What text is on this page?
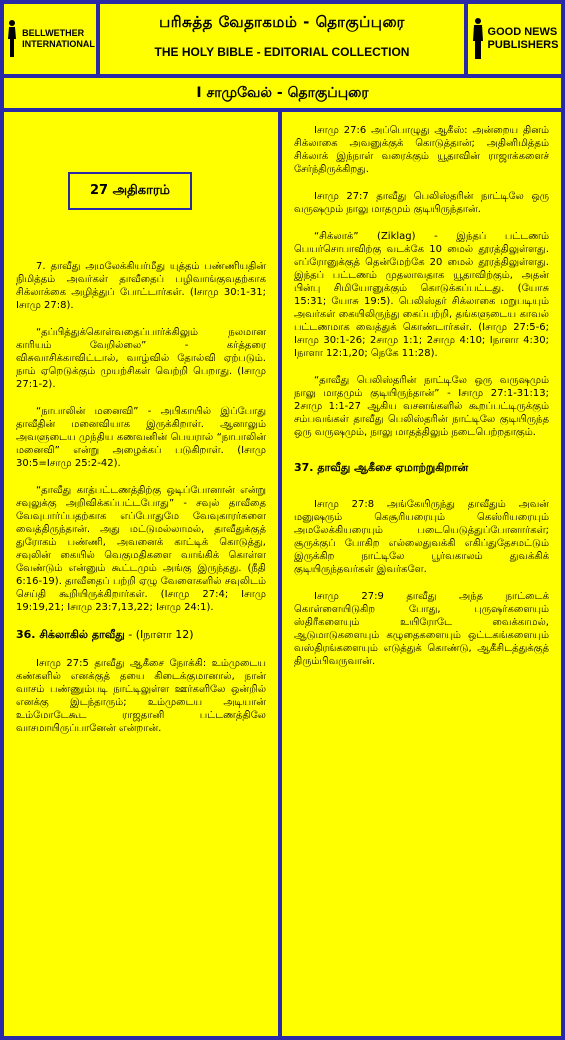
BELLWETHER
INTERNATIONAL
பரிசுத்த வேதாகமம் - தொகுப்புரை
THE HOLY BIBLE - EDITORIAL COLLECTION
GOOD NEWS
PUBLISHERS
I சாமுவேல் - தொகுப்புரை
27 அதிகாரம்

7. தாவீது அமலேக்கியர்மீது யுத்தம் பண்ணியதின் நிமித்தம் அவர்கள் தாவீதைப் பழிவாங்குவதற்காக சிக்லாக்கை அழித்துப் போட்டார்கள். (Iசாமு 30:1-31; Iசாமு 27:8).

“தப்பித்துக்கொள்வதைப்பார்க்கிலும் நலமான காரியம் வேறில்லை” - கர்த்தரை விசுவாசிக்காவிட்டால், வாழ்வில் தோல்வி ஏற்படும். நாம் ஏறெடுக்கும் முயற்சிகள் வெற்றி பெறாது. (Iசாமு 27:1-2).

“நாபாலின் மனைவி” - அபிகாயில் இப்போது தாவீதின் மனைவியாக இருக்கிறாள். ஆனாலும் அவளுடைய முந்திய கணவனின் பெயரால் “நாபாலின் மனைவி” என்று அழைக்கப் படுகிறாள். (Iசாமு 30:5=Iசாமு 25:2-42).

“தாவீது காத்பட்டணத்திற்கு ஒடிப்போனான் என்று சவுலுக்கு அறிவிக்கப்பட்டபோது” - சவுல் தாவீதை வேவுபார்ப்பதற்காக எப்போதுமே வேவுகாரர்களை வைத்திருந்தான். அது மட்டுமல்லாமல், தாவீதுக்குத் துரோகம் பண்ணி, அவனைக் காட்டிக் கொடுத்து, சவுலின் கையில் வெகுமதிகளை வாங்கிக் கொள்ள வேண்டும் என்னும் கூட்டமும் அங்கு இருந்தது. (நீதி 6:16-19). தாவீதைப் பற்றி ஏழு வேளைகளில் சவுலிடம் செய்தி கூறியிருக்கிறார்கள். (Iசாமு 27:4; Iசாமு 19:19,21; Iசாமு 23:7,13,22; Iசாமு 24:1).

36. சிக்லாகில் தாவீது - (Iநாளா 12)

Iசாமு 27:5 தாவீது ஆகீசை நோக்கி: உம்முடைய கண்களில் எனக்குத் தயை கிடைக்குமானால், நான் வாசம் பண்ணும்படி நாட்டிலுள்ள ஊர்களிலே ஒன்றில் எனக்கு இடந்தாரும்; உம்முடைய அடியான் உம்மோடேகூட ராஜதானி பட்டணத்திலே வாசமாயிருப்பானேன் என்றான்.

Iசாமு 27:6 அப்பொழுது ஆகீஸ்: அன்றைய தினம் சிக்லாகை அவனுக்குக் கொடுத்தான்; அதினிமித்தம் சிக்லாக் இந்நாள் வரைக்கும் யூதாவின் ராஜாக்களைச் சேர்ந்திருக்கிறது.

Iசாமு 27:7 தாவீது பெலிஸ்தரின் நாட்டிலே ஒரு வருஷமும் நாலு மாதமும் குடியிருந்தான்.

“சிக்லாக்” (Ziklag) - இந்தப் பட்டணம் பெயர்சொபாவிற்கு வடக்கே 10 மைல் தூரத்திலுள்ளது. எப்ரோனுக்குத் தென்மேற்கே 20 மைல் தூரத்திலுள்ளது. இந்தப் பட்டணம் முதலாவதாக யூதாவிற்கும், அதன் பின்பு சிமியோனுக்கும் கொடுக்கப்பட்டது. (யோசு 15:31; யோசு 19:5). பெலிஸ்தர் சிக்லாகை மறுபடியும் அவர்கள் கையிலிருந்து கைப்பற்றி, தங்களுடைய காவல் பட்டணமாக வைத்துக் கொண்டார்கள். (Iசாமு 27:5-6; Iசாமு 30:1-26; 2சாமு 1:1; 2சாமு 4:10; Iநாளா 4:30; Iநாளா 12:1,20; நெகே 11:28).

“தாவீது பெலிஸ்தரின் நாட்டிலே ஒரு வருஷமும் நாலு மாதமும் குடியிருந்தான்” - Iசாமு 27:1-31:13; 2சாமு 1:1-27 ஆகிய வசனங்களில் கூறப்பட்டிருக்கும் சம்பவங்கள் தாவீது பெலிஸ்தரின் நாட்டிலே குடியிருந்த ஒரு வருஷமும், நாலு மாதத்திலும் நடைபெற்றதாகும்.

37. தாவீது ஆகீசை ஏமாற்றுகிறான்

Iசாமு 27:8 அங்கேயிருந்து தாவீதும் அவன் மனுஷரும் கெசூரியரையும் கெஸ்ரியரையும் அமலேக்கியரையும் படையெடுத்துப்போனார்கள்; சூருக்குப் போகிற எல்லைதுவக்கி எகிப்துதேசமட்டும் இருக்கிற நாட்டிலே பூர்வகாலம் துவக்கிக் குடியிருந்தவர்கள் இவர்களே.

Iசாமு 27:9 தாவீது அந்த நாட்டைக் கொள்ளையிடுகிற போது, புருஷர்களையும் ஸ்திரீகளையும் உயிரோடே வைக்காமல், ஆடுமாடுகளையும் கழுதைகளையும் ஒட்டகங்களையும் வஸ்திரங்களையும் எடுத்துக் கொண்டு, ஆகீசிடத்துக்குத் திரும்பிவருவான்.
